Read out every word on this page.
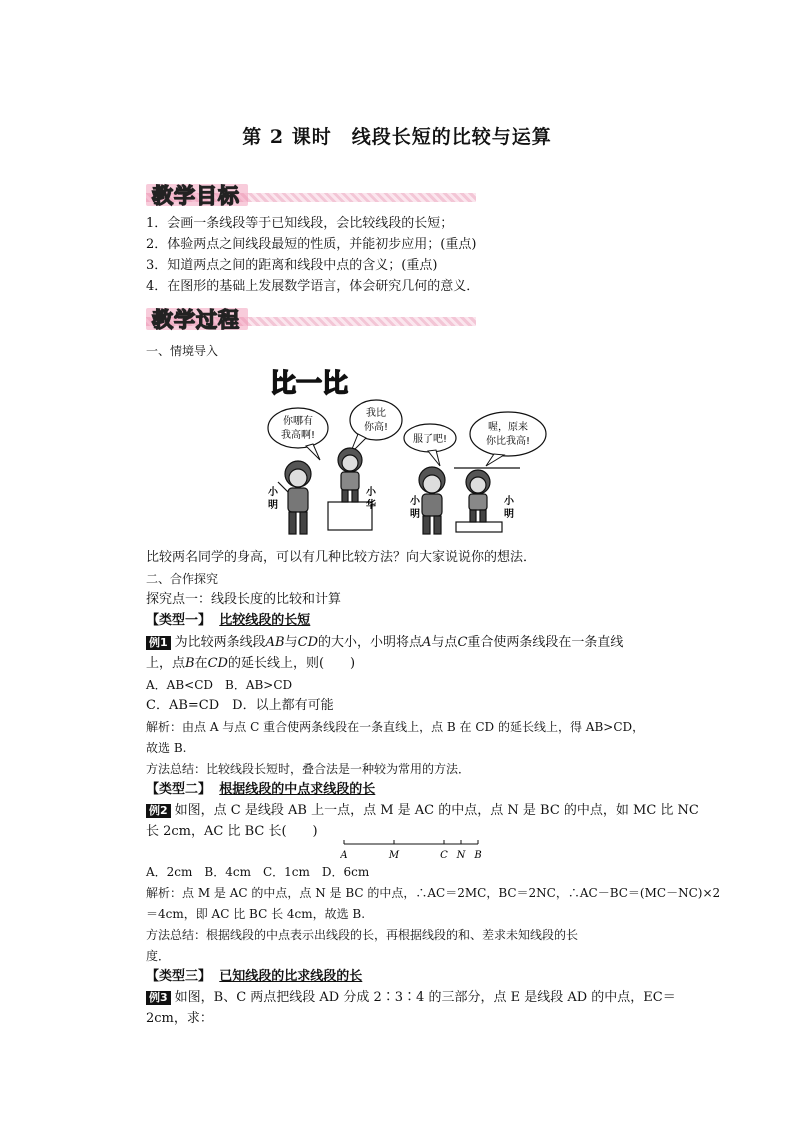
第 2 课时　线段长短的比较与运算
教学目标
1．会画一条线段等于已知线段，会比较线段的长短；
2．体验两点之间线段最短的性质，并能初步应用；(重点)
3．知道两点之间的距离和线段中点的含义；(重点)
4．在图形的基础上发展数学语言，体会研究几何的意义．
教学过程
一、情境导入
比一比
你哪有
我高啊!
我比
你高!
服了吧!
喔，原来
你比我高!
小
明
小
华	小
明
小
明
比较两名同学的身高，可以有几种比较方法？向大家说说你的想法．
二、合作探究
探究点一：线段长度的比较和计算
【类型一】 比较线段的长短
例1 为比较两条线段AB与CD的大小，小明将点A与点C重合使两条线段在一条直线
上，点B在CD的延长线上，则(　　)
A．AB<CD　B．AB>CD
C．AB=CD　D．以上都有可能
解析：由点 A 与点 C 重合使两条线段在一条直线上，点 B 在 CD 的延长线上，得 AB>CD，
故选 B.
方法总结：比较线段长短时，叠合法是一种较为常用的方法．
【类型二】 根据线段的中点求线段的长
例2 如图，点 C 是线段 AB 上一点，点 M 是 AC 的中点，点 N 是 BC 的中点，如 MC 比 NC
长 2cm，AC 比 BC 长(　　)
A	M	C N B
A．2cm　B．4cm　C．1cm　D．6cm
解析：点 M 是 AC 的中点，点 N 是 BC 的中点，∴AC＝2MC，BC＝2NC，∴AC－BC＝(MC－NC)×2
＝4cm，即 AC 比 BC 长 4cm，故选 B.
方法总结：根据线段的中点表示出线段的长，再根据线段的和、差求未知线段的长
度．
【类型三】 已知线段的比求线段的长
例3 如图，B、C 两点把线段 AD 分成 2∶3∶4 的三部分，点 E 是线段 AD 的中点，EC＝
2cm，求：
